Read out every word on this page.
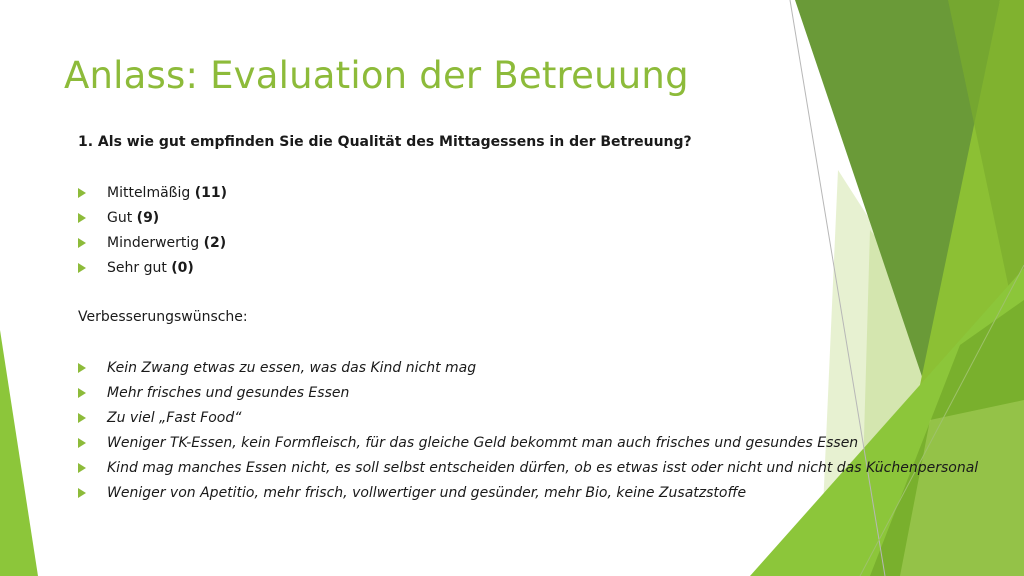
Anlass: Evaluation der Betreuung
1. Als wie gut empfinden Sie die Qualität des Mittagessens in der Betreuung?
Mittelmäßig (11)
Gut (9)
Minderwertig (2)
Sehr gut (0)
Verbesserungswünsche:
Kein Zwang etwas zu essen, was das Kind nicht mag
Mehr frisches und gesundes Essen
Zu viel „Fast Food“
Weniger TK-Essen, kein Formfleisch, für das gleiche Geld bekommt man auch frisches und gesundes Essen
Kind mag manches Essen nicht, es soll selbst entscheiden dürfen, ob es etwas isst oder nicht und nicht das Küchenpersonal
Weniger von Apetitio, mehr frisch, vollwertiger und gesünder, mehr Bio, keine Zusatzstoffe
